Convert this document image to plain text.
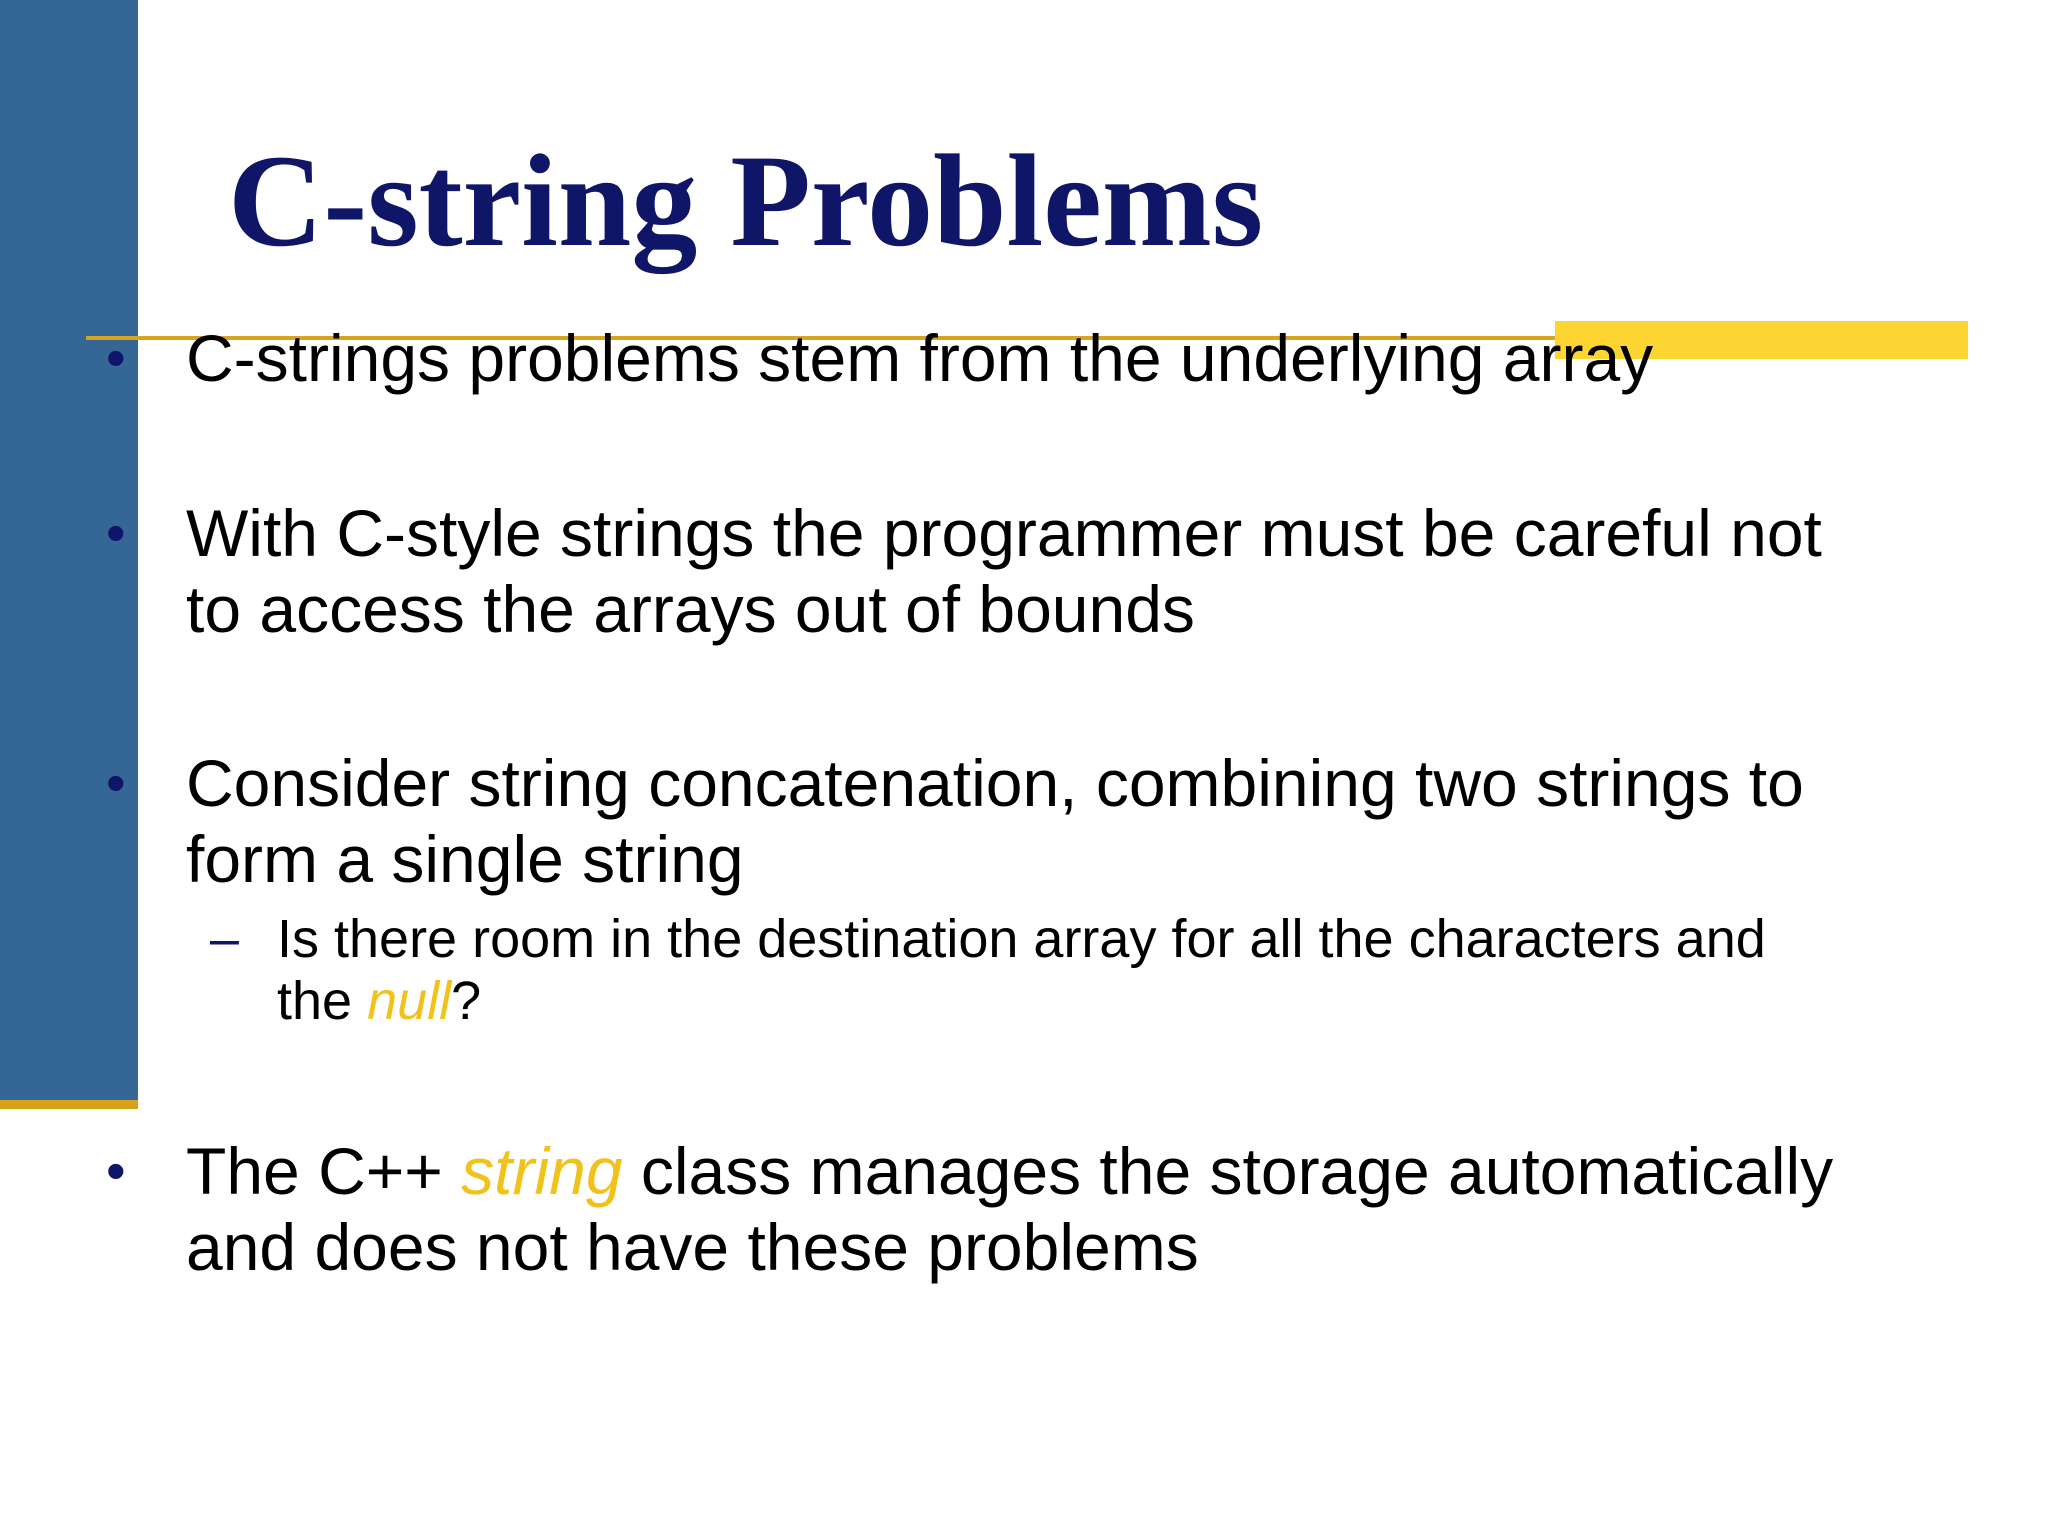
C-string Problems
• C-strings problems stem from the underlying array
• With C-style strings the programmer must be careful not
to access the arrays out of bounds
• Consider string concatenation, combining two strings to
form a single string
– Is there room in the destination array for all the characters and
the null?
• The C++ string class manages the storage automatically
and does not have these problems
